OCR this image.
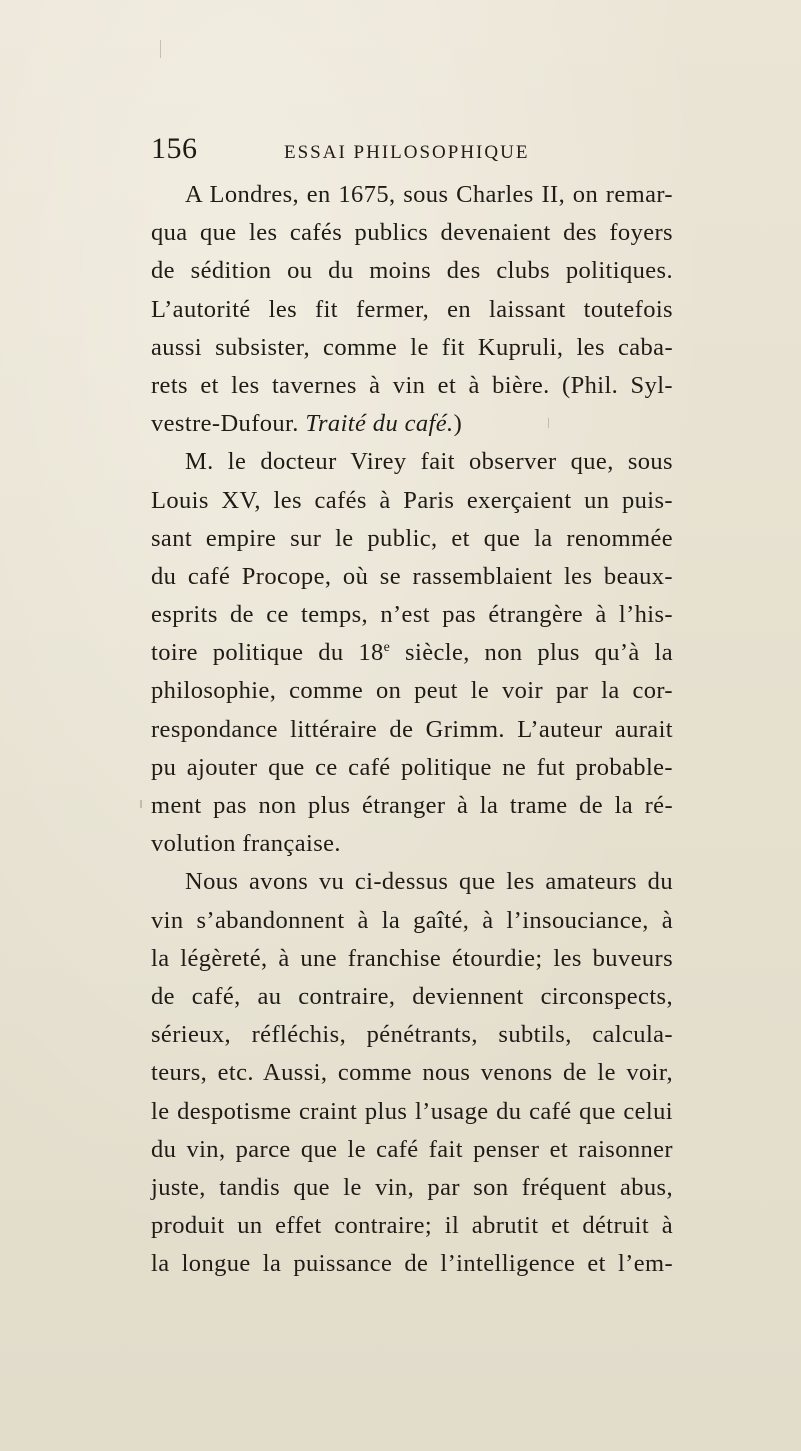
156	ESSAI PHILOSOPHIQUE
A Londres, en 1675, sous Charles II, on remar-
qua que les cafés publics devenaient des foyers
de sédition ou du moins des clubs politiques.
L’autorité les fit fermer, en laissant toutefois
aussi subsister, comme le fit Kupruli, les caba-
rets et les tavernes à vin et à bière. (Phil. Syl-
vestre-Dufour. Traité du café.)
M. le docteur Virey fait observer que, sous
Louis XV, les cafés à Paris exerçaient un puis-
sant empire sur le public, et que la renommée
du café Procope, où se rassemblaient les beaux-
esprits de ce temps, n’est pas étrangère à l’his-
toire politique du 18e siècle, non plus qu’à la
philosophie, comme on peut le voir par la cor-
respondance littéraire de Grimm. L’auteur aurait
pu ajouter que ce café politique ne fut probable-
ment pas non plus étranger à la trame de la ré-
volution française.
Nous avons vu ci-dessus que les amateurs du
vin s’abandonnent à la gaîté, à l’insouciance, à
la légèreté, à une franchise étourdie; les buveurs
de café, au contraire, deviennent circonspects,
sérieux, réfléchis, pénétrants, subtils, calcula-
teurs, etc. Aussi, comme nous venons de le voir,
le despotisme craint plus l’usage du café que celui
du vin, parce que le café fait penser et raisonner
juste, tandis que le vin, par son fréquent abus,
produit un effet contraire; il abrutit et détruit à
la longue la puissance de l’intelligence et l’em-
